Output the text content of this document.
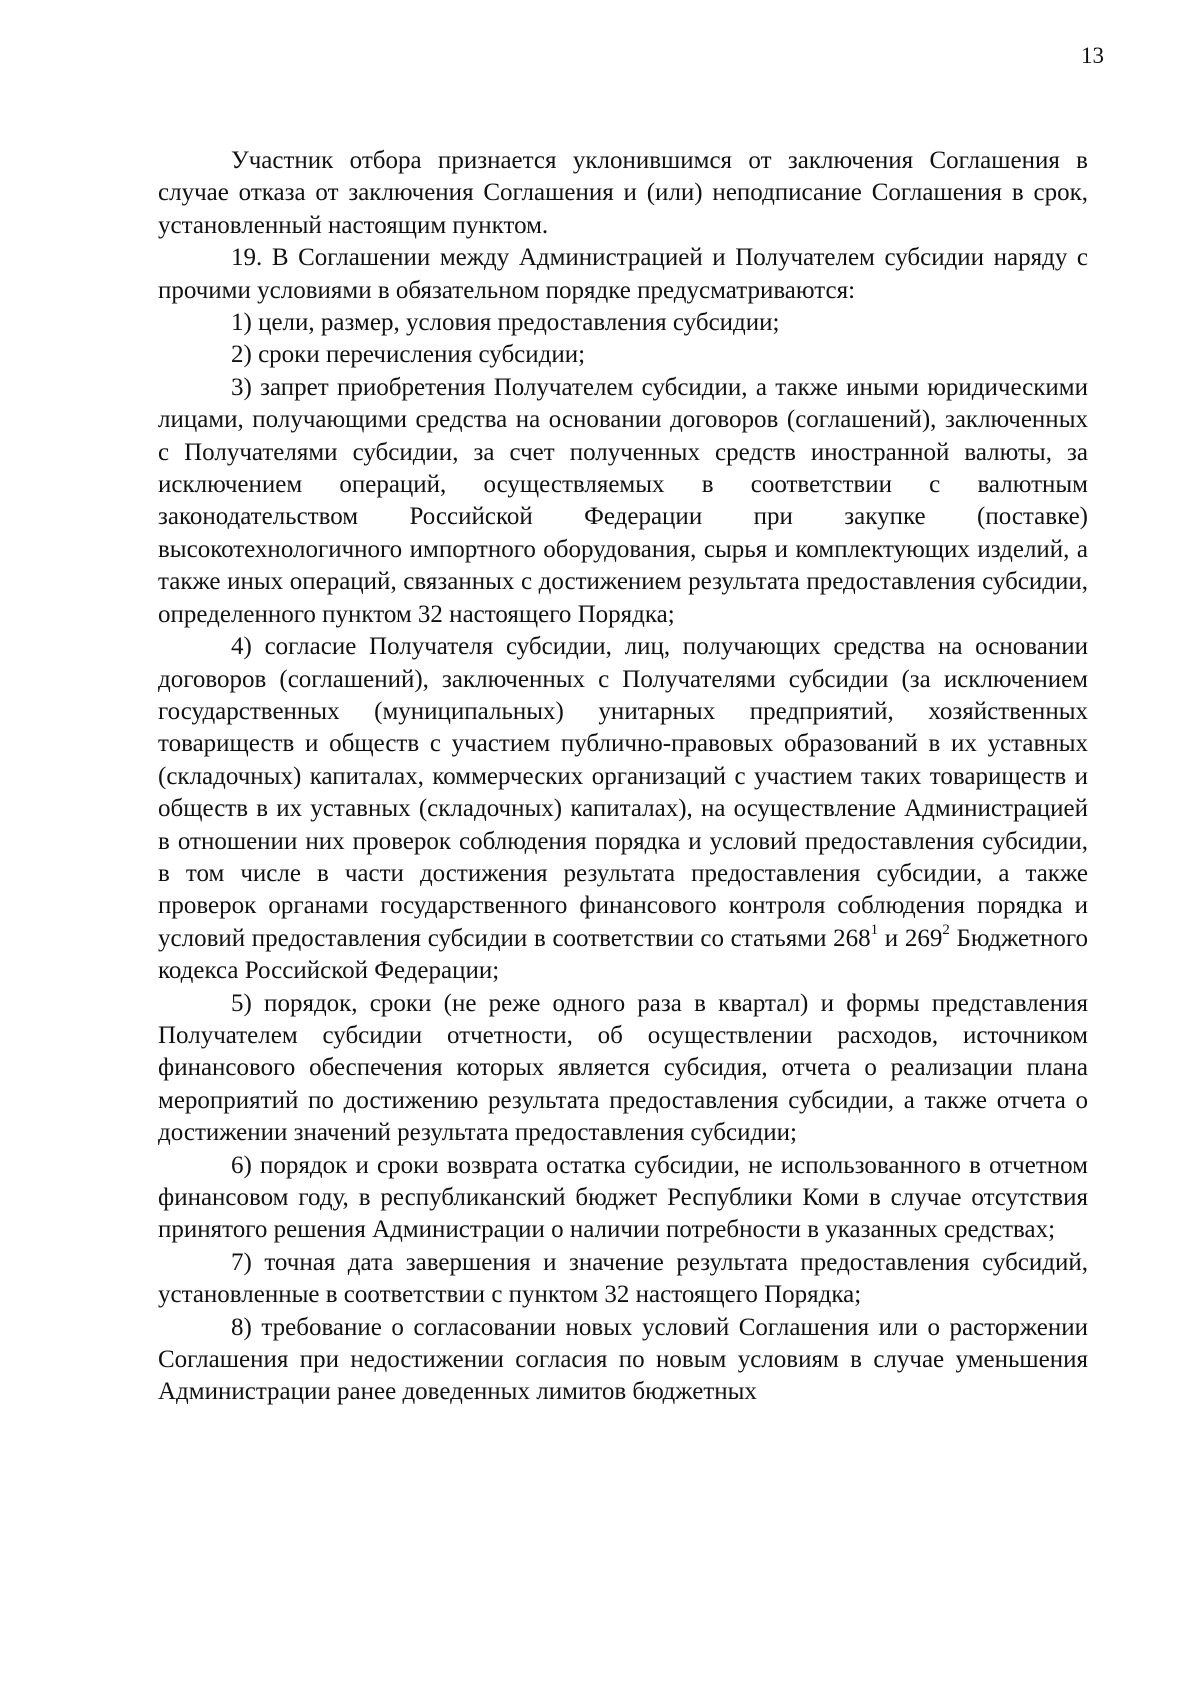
13

Участник отбора признается уклонившимся от заключения Соглашения в случае отказа от заключения Соглашения и (или) неподписание Соглашения в срок, установленный настоящим пунктом.

19. В Соглашении между Администрацией и Получателем субсидии наряду с прочими условиями в обязательном порядке предусматриваются:

1) цели, размер, условия предоставления субсидии;

2) сроки перечисления субсидии;

3) запрет приобретения Получателем субсидии, а также иными юридическими лицами, получающими средства на основании договоров (соглашений), заключенных с Получателями субсидии, за счет полученных средств иностранной валюты, за исключением операций, осуществляемых в соответствии с валютным законодательством Российской Федерации при закупке (поставке) высокотехнологичного импортного оборудования, сырья и комплектующих изделий, а также иных операций, связанных с достижением результата предоставления субсидии, определенного пунктом 32 настоящего Порядка;

4) согласие Получателя субсидии, лиц, получающих средства на основании договоров (соглашений), заключенных с Получателями субсидии (за исключением государственных (муниципальных) унитарных предприятий, хозяйственных товариществ и обществ с участием публично-правовых образований в их уставных (складочных) капиталах, коммерческих организаций с участием таких товариществ и обществ в их уставных (складочных) капиталах), на осуществление Администрацией в отношении них проверок соблюдения порядка и условий предоставления субсидии, в том числе в части достижения результата предоставления субсидии, а также проверок органами государственного финансового контроля соблюдения порядка и условий предоставления субсидии в соответствии со статьями $268^1$ и $269^2$ Бюджетного кодекса Российской Федерации;

5) порядок, сроки (не реже одного раза в квартал) и формы представления Получателем субсидии отчетности, об осуществлении расходов, источником финансового обеспечения которых является субсидия, отчета о реализации плана мероприятий по достижению результата предоставления субсидии, а также отчета о достижении значений результата предоставления субсидии;

6) порядок и сроки возврата остатка субсидии, не использованного в отчетном финансовом году, в республиканский бюджет Республики Коми в случае отсутствия принятого решения Администрации о наличии потребности в указанных средствах;

7) точная дата завершения и значение результата предоставления субсидий, установленные в соответствии с пунктом 32 настоящего Порядка;

8) требование о согласовании новых условий Соглашения или о расторжении Соглашения при недостижении согласия по новым условиям в случае уменьшения Администрации ранее доведенных лимитов бюджетных
